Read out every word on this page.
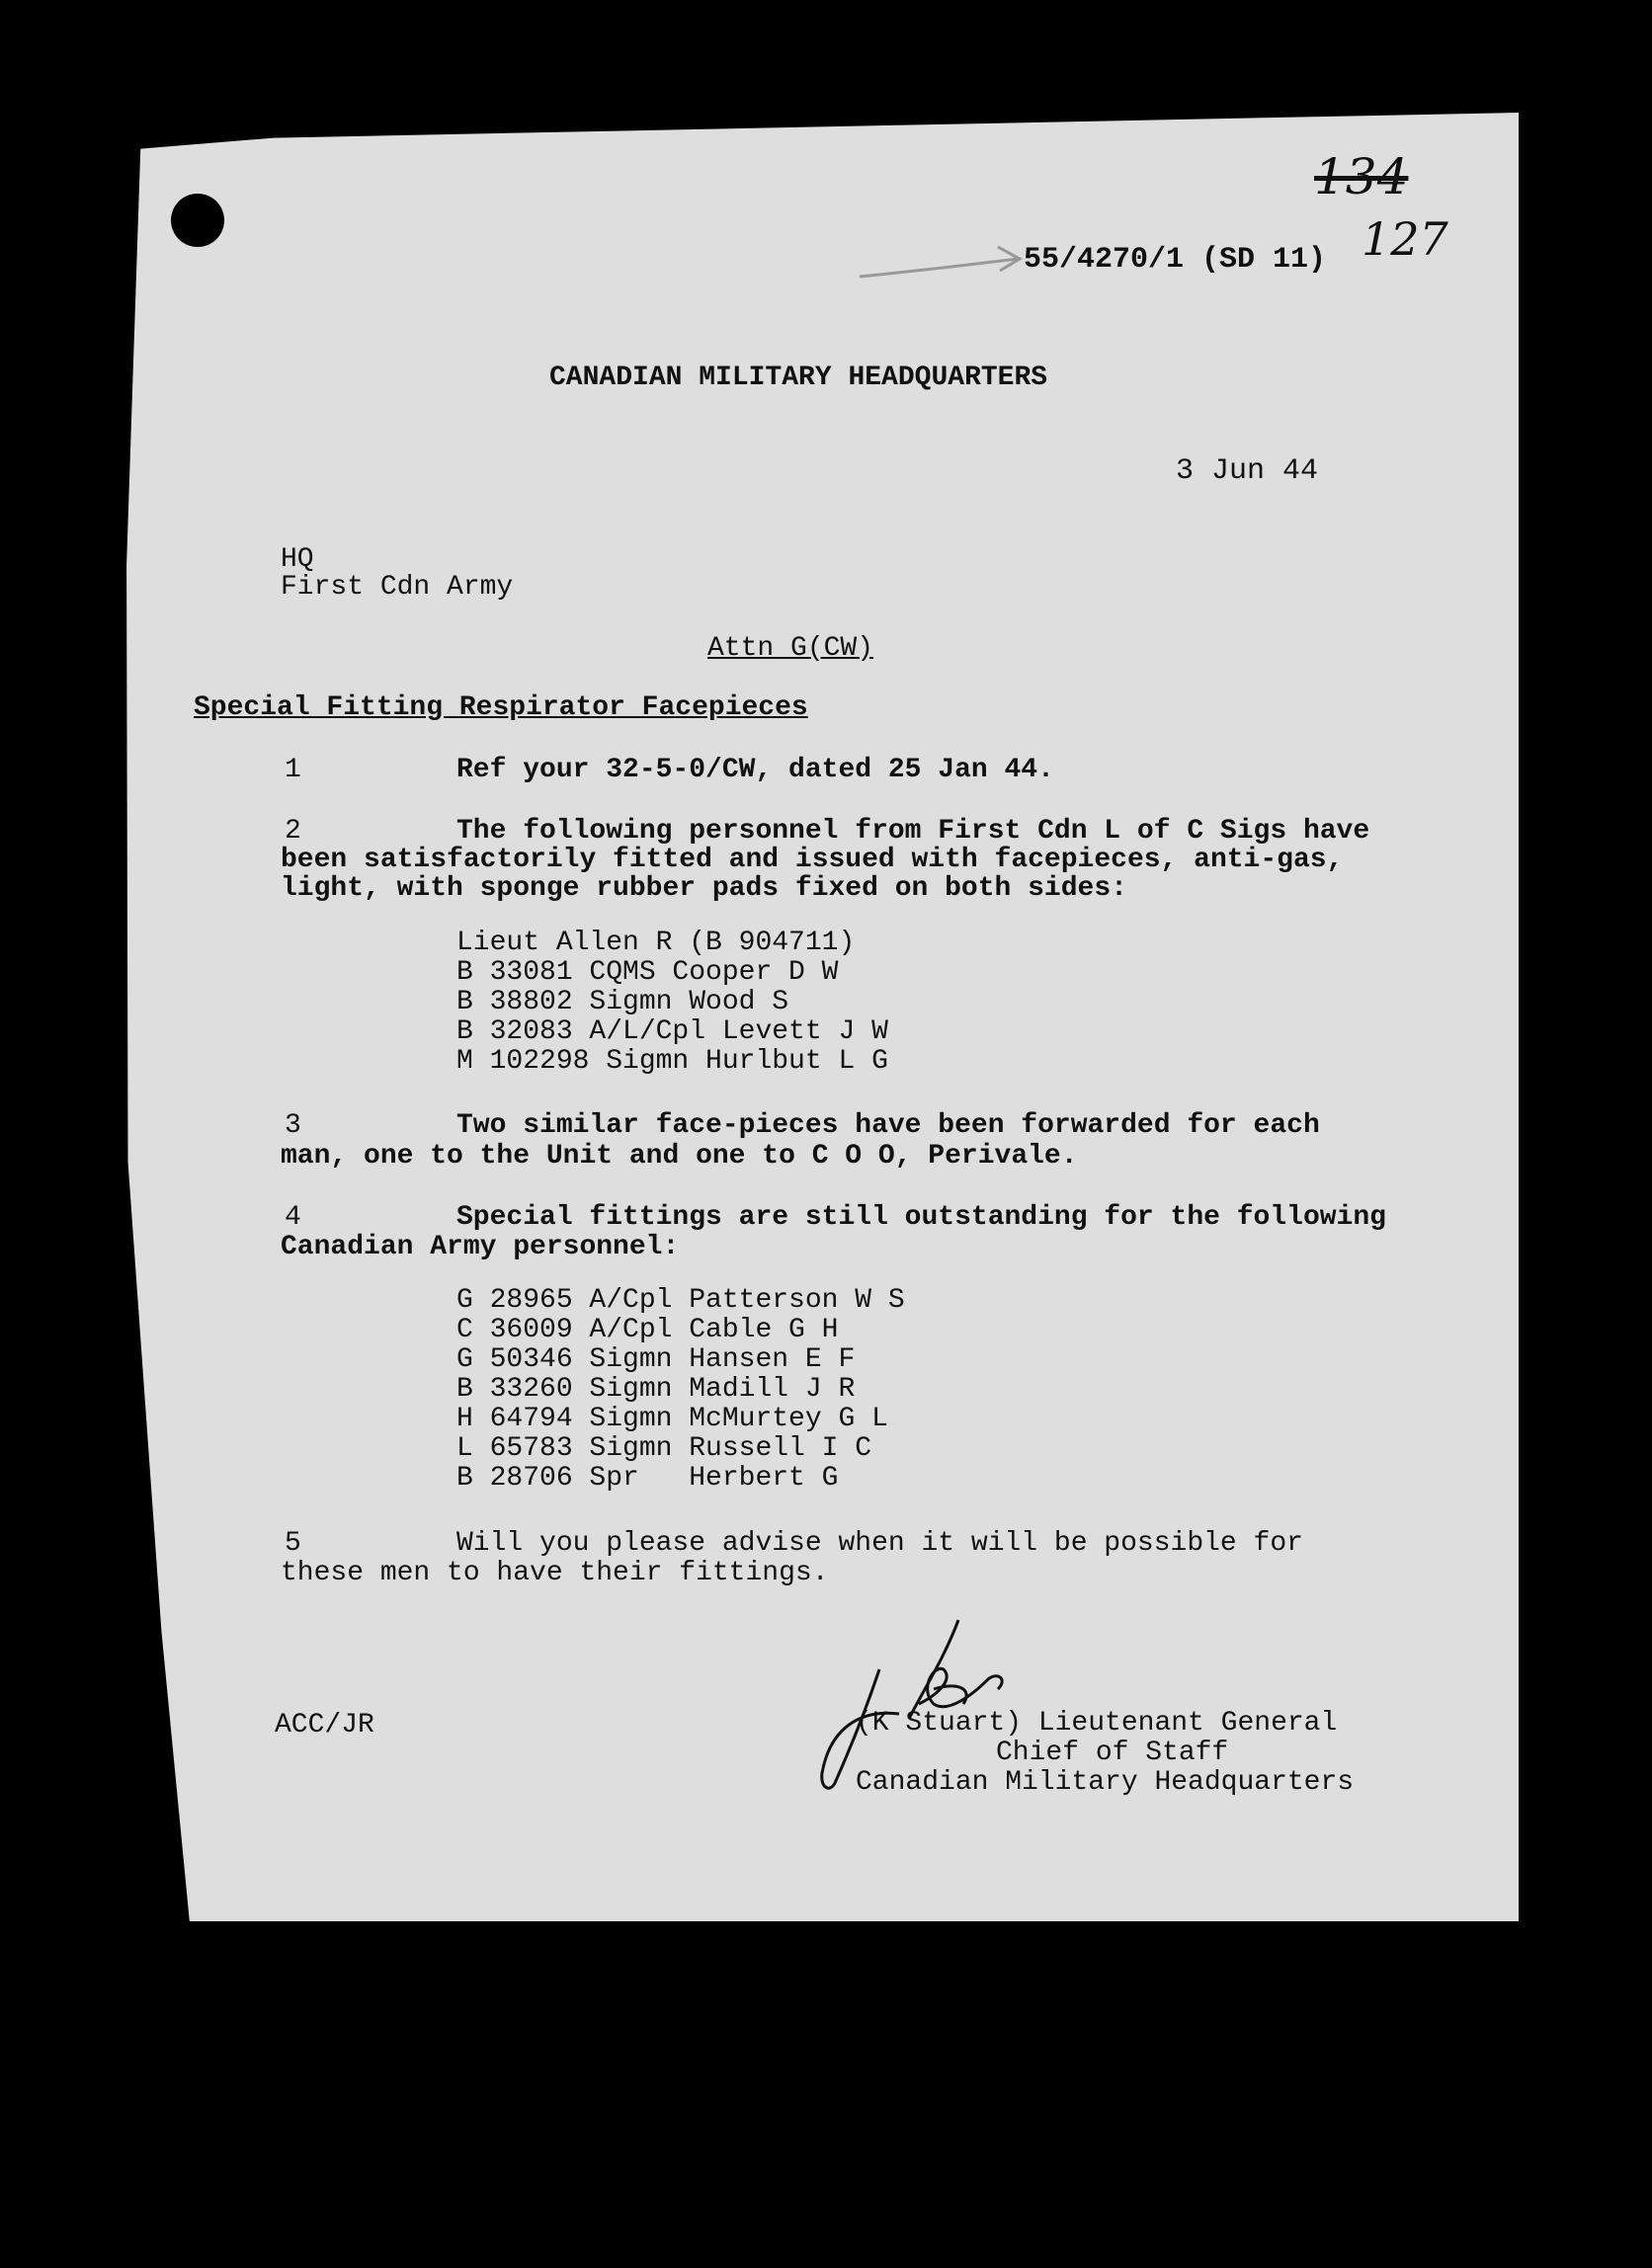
134
127
55/4270/1 (SD 11)
CANADIAN MILITARY HEADQUARTERS
3 Jun 44
HQ
First Cdn Army
Attn G(CW)
Special Fitting Respirator Facepieces
1	Ref your 32-5-0/CW, dated 25 Jan 44.
2	The following personnel from First Cdn L of C Sigs have
been satisfactorily fitted and issued with facepieces, anti-gas,
light, with sponge rubber pads fixed on both sides:
Lieut Allen R (B 904711)
B 33081 CQMS Cooper D W
B 38802 Sigmn Wood S
B 32083 A/L/Cpl Levett J W
M 102298 Sigmn Hurlbut L G
3	Two similar face-pieces have been forwarded for each
man, one to the Unit and one to C O O, Perivale.
4	Special fittings are still outstanding for the following
Canadian Army personnel:
G 28965 A/Cpl Patterson W S
C 36009 A/Cpl Cable G H
G 50346 Sigmn Hansen E F
B 33260 Sigmn Madill J R
H 64794 Sigmn McMurtey G L
L 65783 Sigmn Russell I C
B 28706 Spr   Herbert G
5	Will you please advise when it will be possible for
these men to have their fittings.
ACC/JR	(K Stuart) Lieutenant General
Chief of Staff
Canadian Military Headquarters
